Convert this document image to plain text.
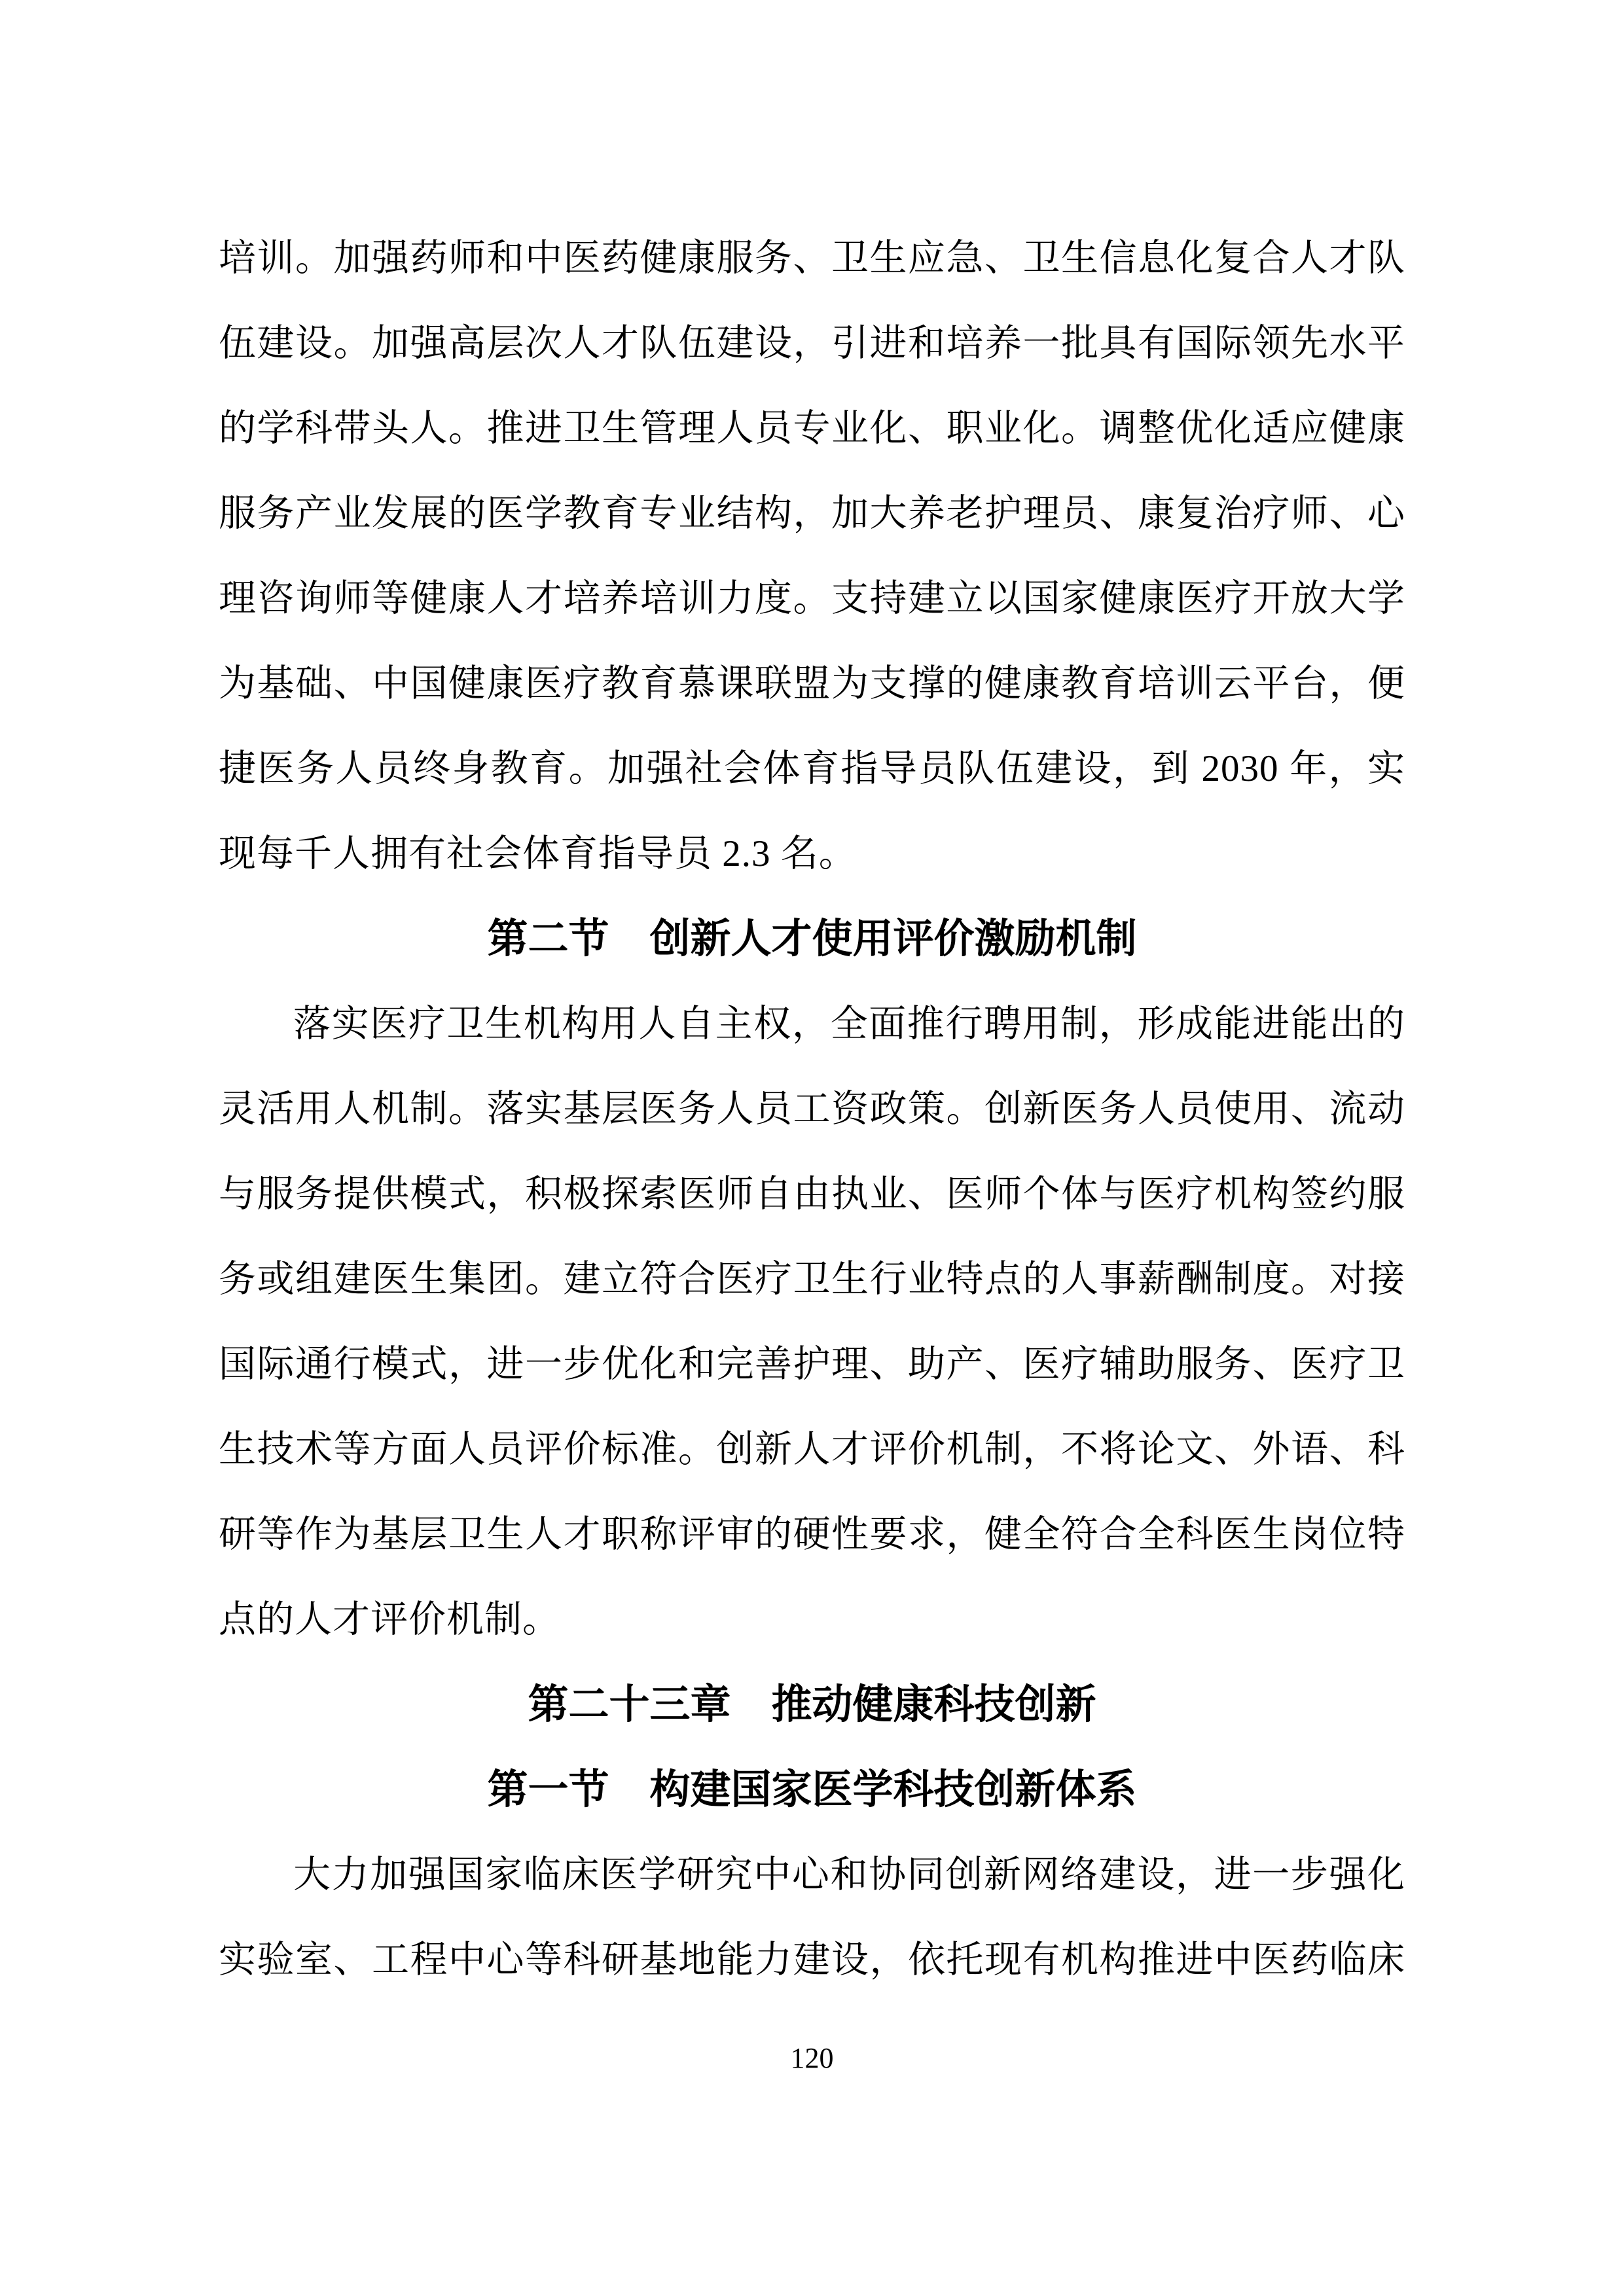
培训。加强药师和中医药健康服务、卫生应急、卫生信息化复合人才队
伍建设。加强高层次人才队伍建设，引进和培养一批具有国际领先水平
的学科带头人。推进卫生管理人员专业化、职业化。调整优化适应健康
服务产业发展的医学教育专业结构，加大养老护理员、康复治疗师、心
理咨询师等健康人才培养培训力度。支持建立以国家健康医疗开放大学
为基础、中国健康医疗教育慕课联盟为支撑的健康教育培训云平台，便
捷医务人员终身教育。加强社会体育指导员队伍建设，到 2030 年，实
现每千人拥有社会体育指导员 2.3 名。
第二节　创新人才使用评价激励机制
落实医疗卫生机构用人自主权，全面推行聘用制，形成能进能出的
灵活用人机制。落实基层医务人员工资政策。创新医务人员使用、流动
与服务提供模式，积极探索医师自由执业、医师个体与医疗机构签约服
务或组建医生集团。建立符合医疗卫生行业特点的人事薪酬制度。对接
国际通行模式，进一步优化和完善护理、助产、医疗辅助服务、医疗卫
生技术等方面人员评价标准。创新人才评价机制，不将论文、外语、科
研等作为基层卫生人才职称评审的硬性要求，健全符合全科医生岗位特
点的人才评价机制。
第二十三章　推动健康科技创新
第一节　构建国家医学科技创新体系
大力加强国家临床医学研究中心和协同创新网络建设，进一步强化
实验室、工程中心等科研基地能力建设，依托现有机构推进中医药临床
120
